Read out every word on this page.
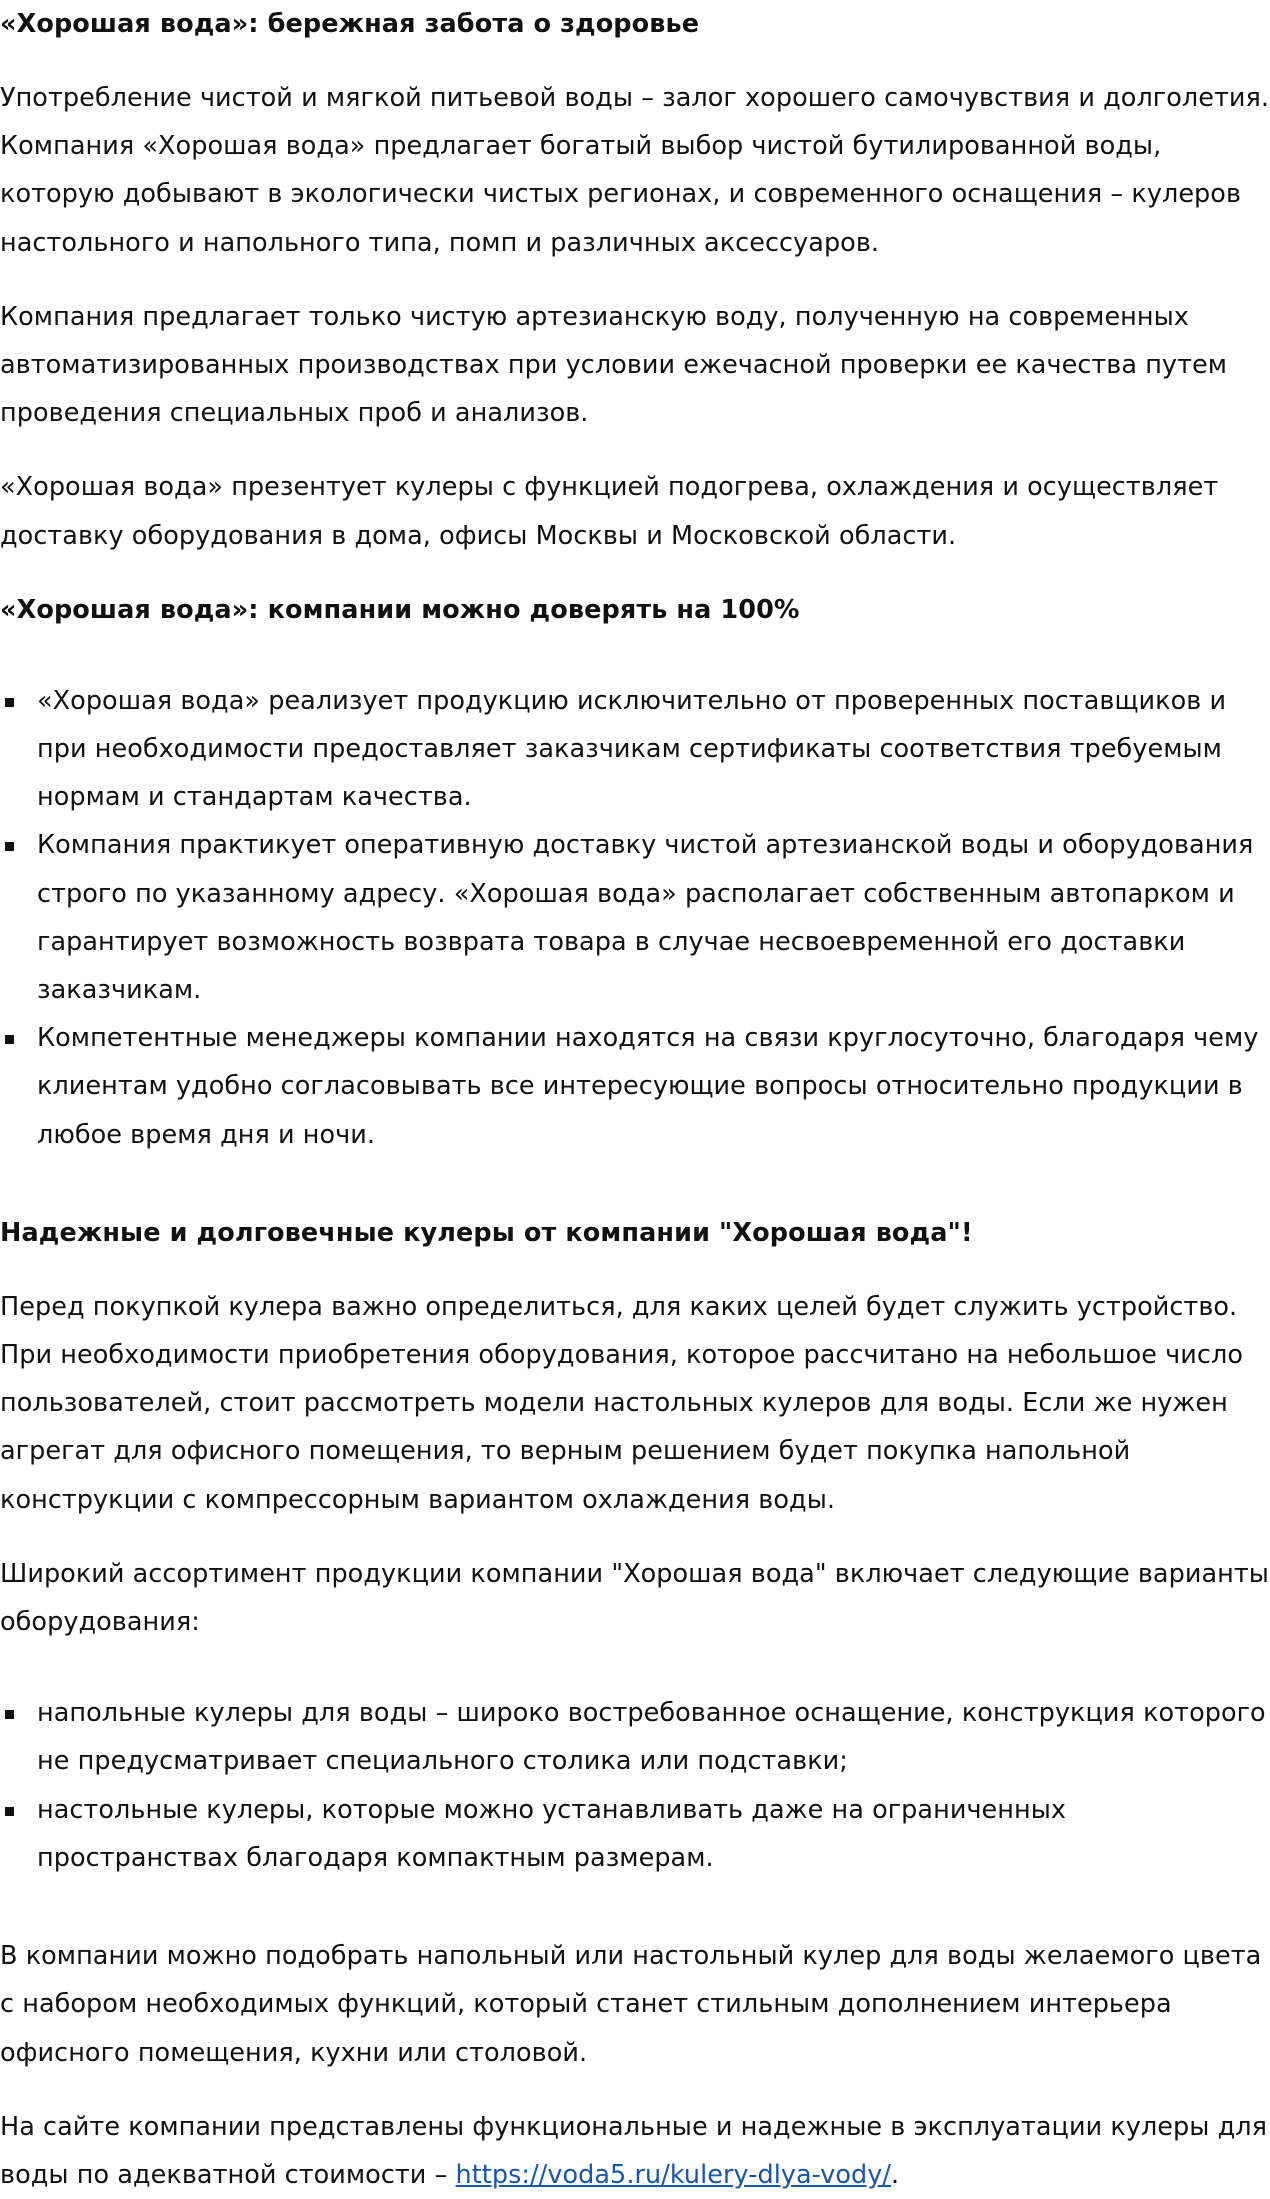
«Хорошая вода»: бережная забота о здоровье

Употребление чистой и мягкой питьевой воды – залог хорошего самочувствия и долголетия. Компания «Хорошая вода» предлагает богатый выбор чистой бутилированной воды, которую добывают в экологически чистых регионах, и современного оснащения – кулеров настольного и напольного типа, помп и различных аксессуаров.

Компания предлагает только чистую артезианскую воду, полученную на современных автоматизированных производствах при условии ежечасной проверки ее качества путем проведения специальных проб и анализов.

«Хорошая вода» презентует кулеры с функцией подогрева, охлаждения и осуществляет доставку оборудования в дома, офисы Москвы и Московской области.

«Хорошая вода»: компании можно доверять на 100%
«Хорошая вода» реализует продукцию исключительно от проверенных поставщиков и при необходимости предоставляет заказчикам сертификаты соответствия требуемым нормам и стандартам качества.
Компания практикует оперативную доставку чистой артезианской воды и оборудования строго по указанному адресу. «Хорошая вода» располагает собственным автопарком и гарантирует возможность возврата товара в случае несвоевременной его доставки заказчикам.
Компетентные менеджеры компании находятся на связи круглосуточно, благодаря чему клиентам удобно согласовывать все интересующие вопросы относительно продукции в любое время дня и ночи.
Надежные и долговечные кулеры от компании "Хорошая вода"!

Перед покупкой кулера важно определиться, для каких целей будет служить устройство. При необходимости приобретения оборудования, которое рассчитано на небольшое число пользователей, стоит рассмотреть модели настольных кулеров для воды. Если же нужен агрегат для офисного помещения, то верным решением будет покупка напольной конструкции с компрессорным вариантом охлаждения воды.

Широкий ассортимент продукции компании "Хорошая вода" включает следующие варианты оборудования:

напольные кулеры для воды – широко востребованное оснащение, конструкция которого не предусматривает специального столика или подставки;
настольные кулеры, которые можно устанавливать даже на ограниченных пространствах благодаря компактным размерам.

В компании можно подобрать напольный или настольный кулер для воды желаемого цвета с набором необходимых функций, который станет стильным дополнением интерьера офисного помещения, кухни или столовой.

На сайте компании представлены функциональные и надежные в эксплуатации кулеры для воды по адекватной стоимости – https://voda5.ru/kulery-dlya-vody/.
